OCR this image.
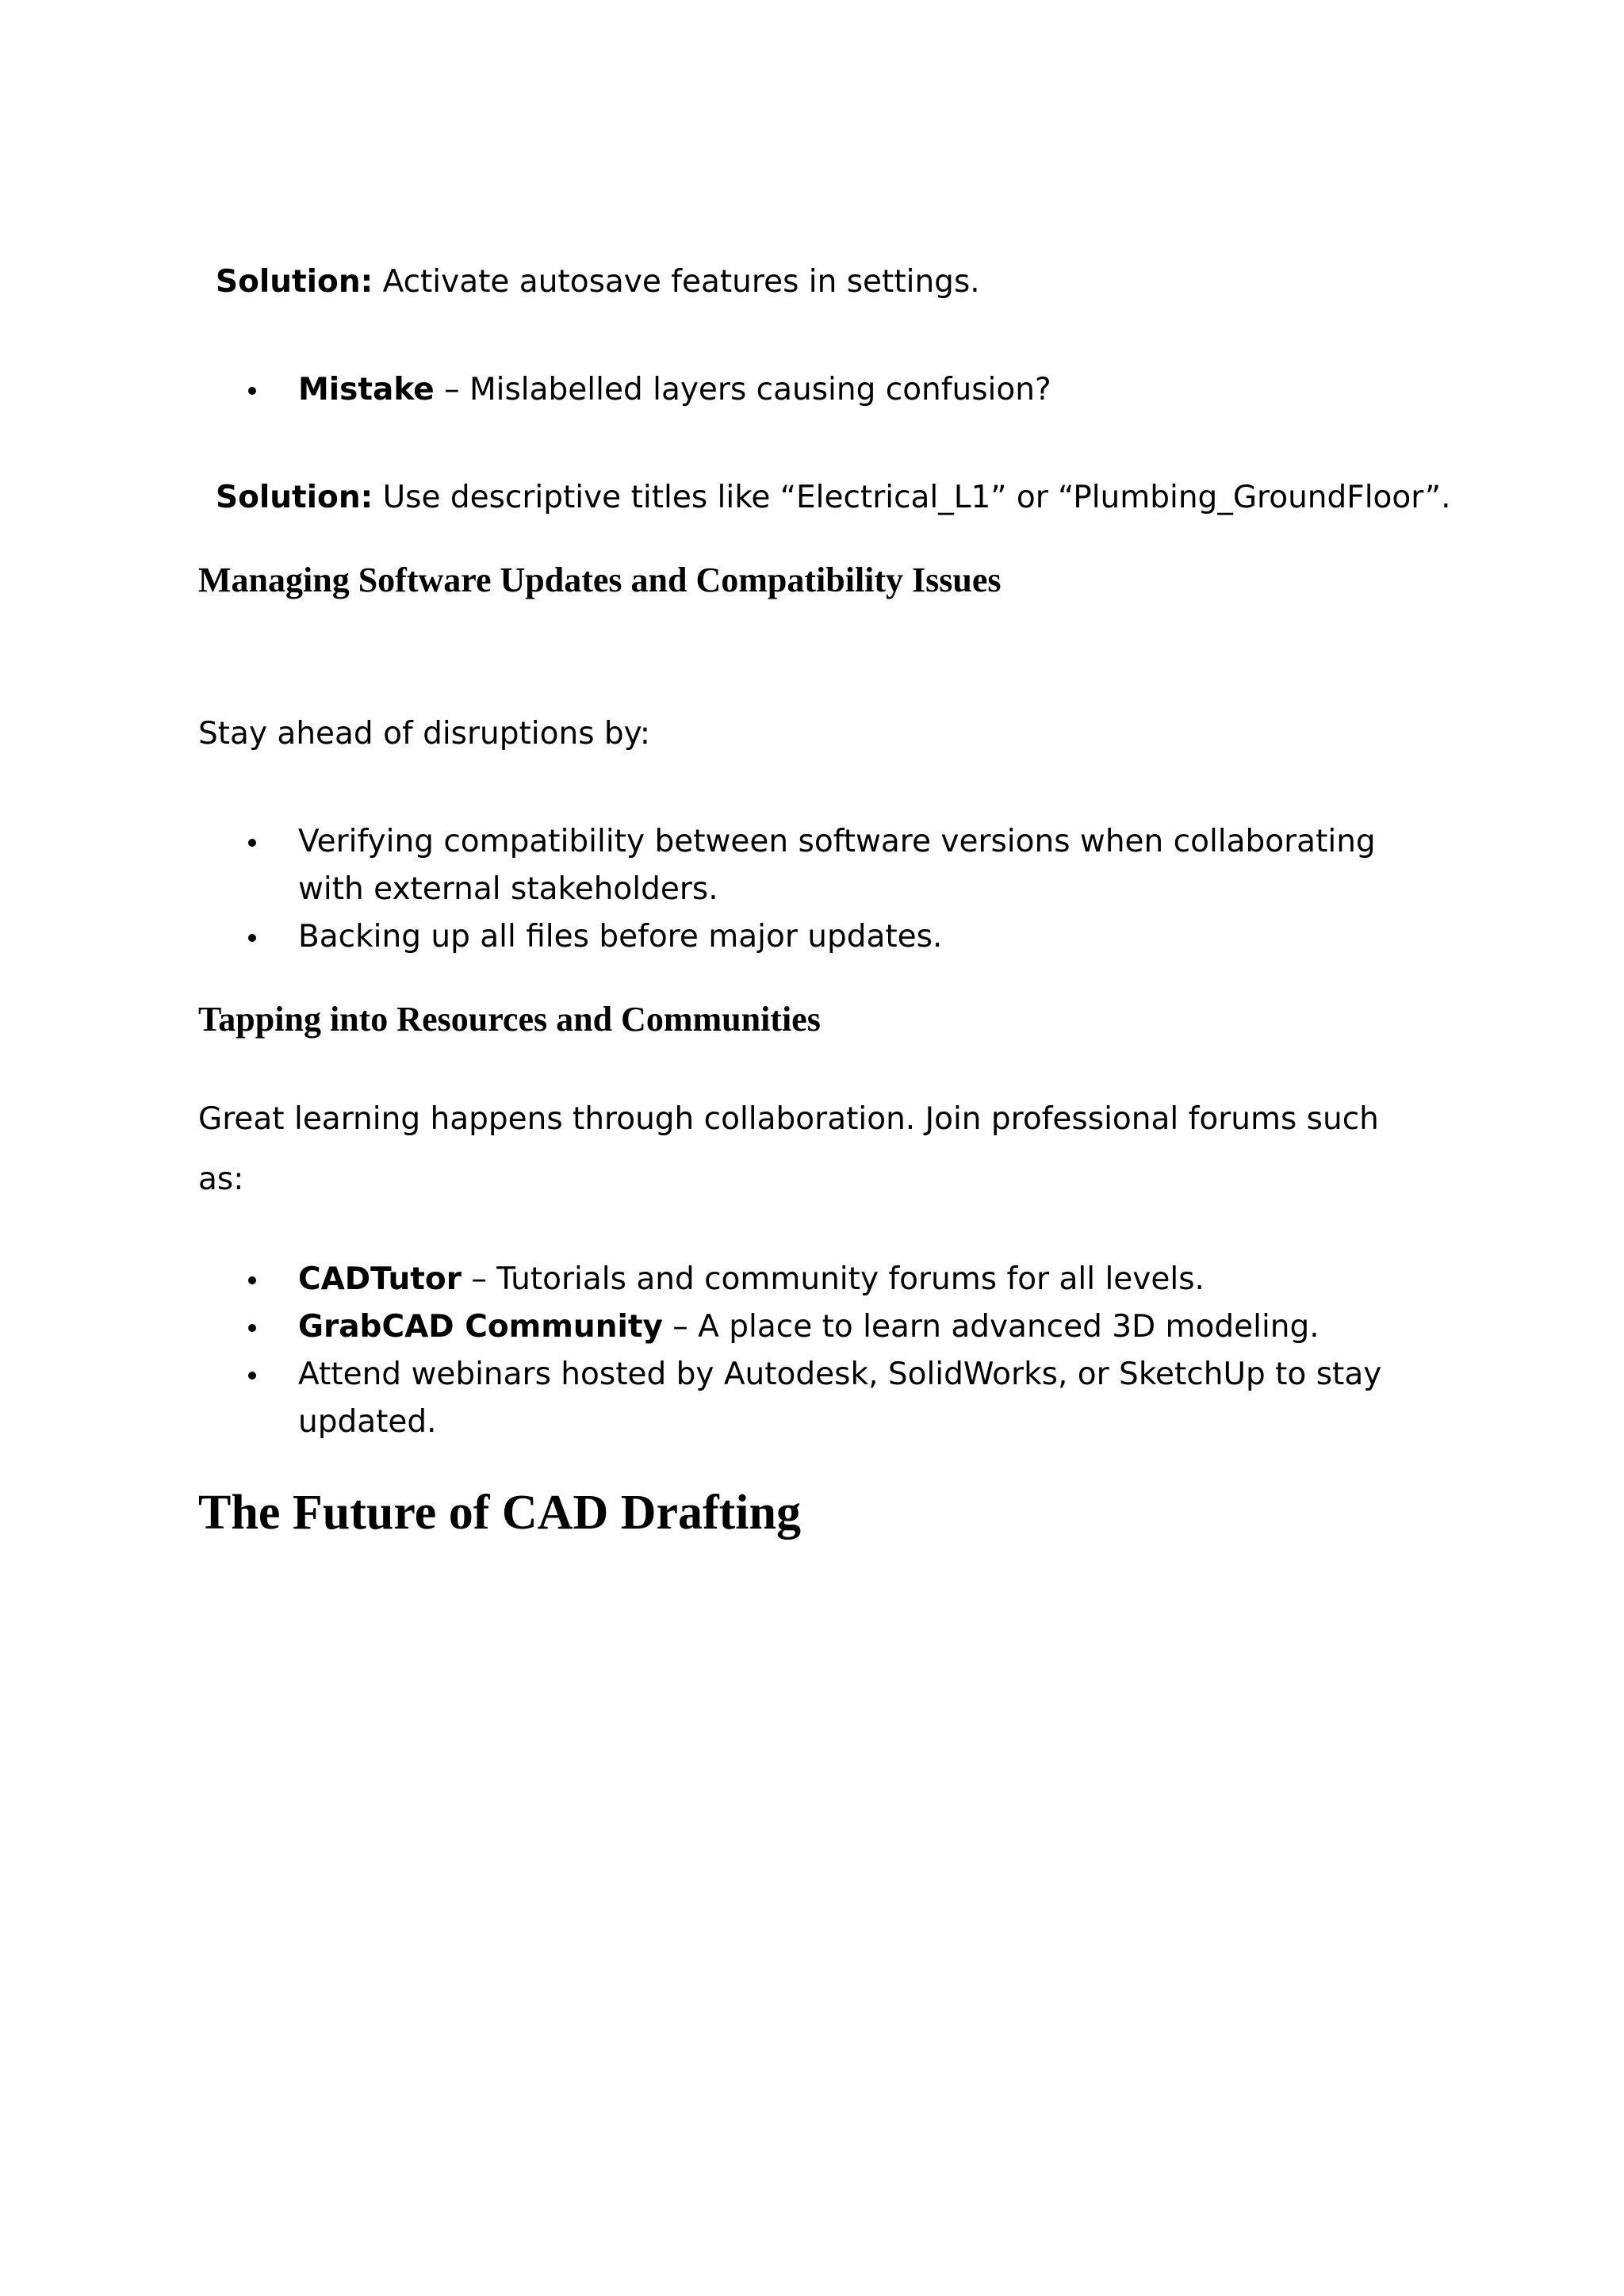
Solution: Activate autosave features in settings.

Mistake – Mislabelled layers causing confusion?

Solution: Use descriptive titles like “Electrical_L1” or “Plumbing_GroundFloor”.

Managing Software Updates and Compatibility Issues

Stay ahead of disruptions by:

Verifying compatibility between software versions when collaborating
with external stakeholders.
Backing up all files before major updates.
Tapping into Resources and Communities

Great learning happens through collaboration. Join professional forums such

as:

CADTutor – Tutorials and community forums for all levels.
GrabCAD Community – A place to learn advanced 3D modeling.
Attend webinars hosted by Autodesk, SolidWorks, or SketchUp to stay
updated.
The Future of CAD Drafting
